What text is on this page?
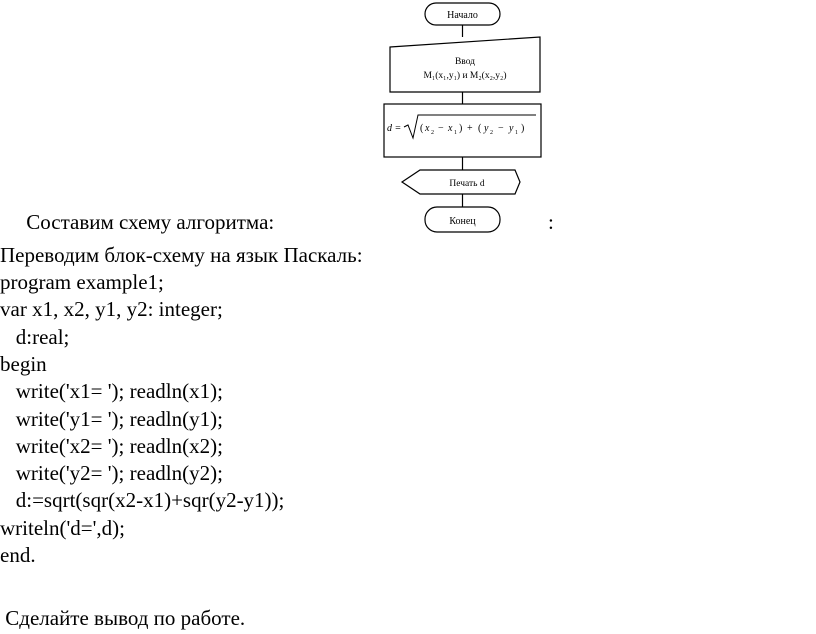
Начало
Ввод
M₁(x₁,y₁) и M₂(x₂,y₂)
d = ( x 2 − x 1 ) + ( y 2 − y 1 )
Печать d
Конец

Составим схему алгоритма:	:

Переводим блок-схему на язык Паскаль:

program example1;

var x1, x2, y1, y2: integer;

d:real;

begin

write('x1= '); readln(x1);

write('y1= '); readln(y1);

write('x2= '); readln(x2);

write('y2= '); readln(y2);

d:=sqrt(sqr(x2-x1)+sqr(y2-y1));

writeln('d=',d);

end.

Сделайте вывод по работе.
